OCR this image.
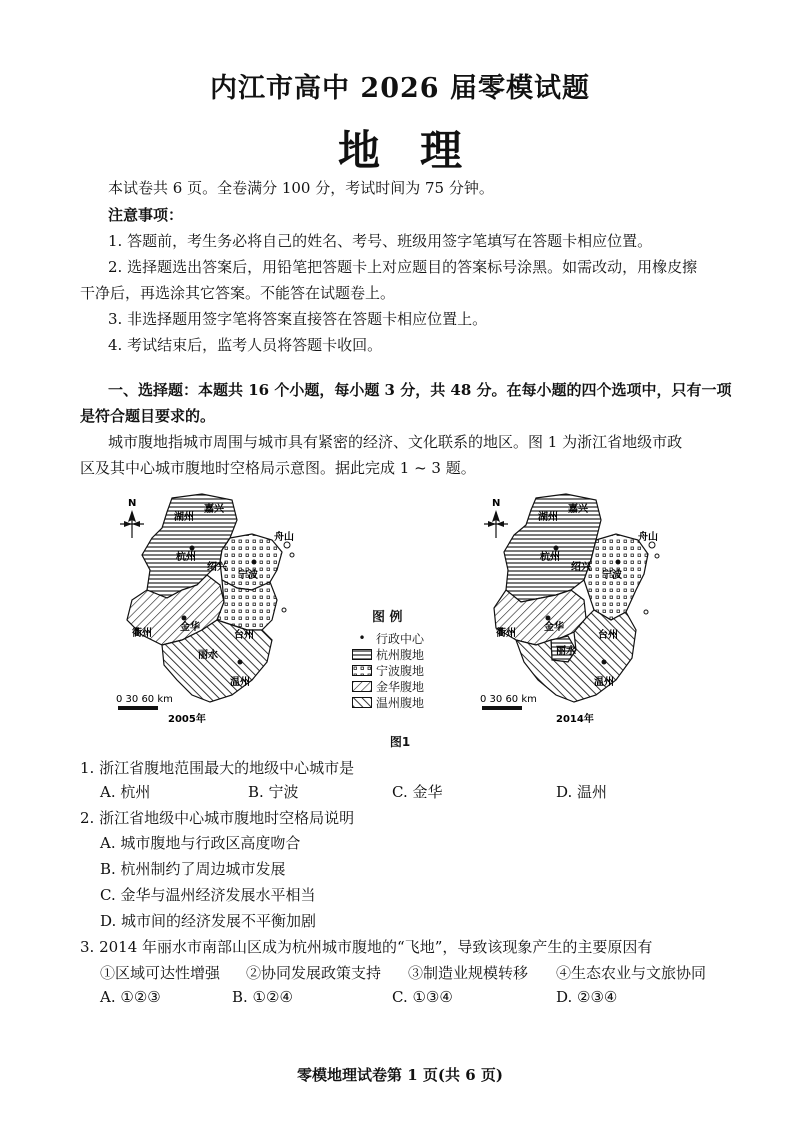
内江市高中 2026 届零模试题
地理
本试卷共 6 页。全卷满分 100 分，考试时间为 75 分钟。
注意事项：
1. 答题前，考生务必将自己的姓名、考号、班级用签字笔填写在答题卡相应位置。
2. 选择题选出答案后，用铅笔把答题卡上对应题目的答案标号涂黑。如需改动，用橡皮擦
干净后，再选涂其它答案。不能答在试题卷上。
3. 非选择题用签字笔将答案直接答在答题卡相应位置上。
4. 考试结束后，监考人员将答题卡收回。
一、选择题：本题共 16 个小题，每小题 3 分，共 48 分。在每小题的四个选项中，只有一项
是符合题目要求的。
城市腹地指城市周围与城市具有紧密的经济、文化联系的地区。图 1 为浙江省地级市政
区及其中心城市腹地时空格局示意图。据此完成 1 ~ 3 题。
N
湖州
嘉兴
杭州
绍兴
舟山
宁波
金华
衢州	台州
丽水
温州
0 30 60 km
2005年
图 例
• 行政中心
杭州腹地
宁波腹地
金华腹地
温州腹地
N
湖州
嘉兴
杭州
绍兴
舟山
宁波
金华
衢州	台州
丽水
温州
0 30 60 km
2014年
图1
1. 浙江省腹地范围最大的地级中心城市是
A. 杭州	B. 宁波	C. 金华	D. 温州
2. 浙江省地级中心城市腹地时空格局说明
A. 城市腹地与行政区高度吻合
B. 杭州制约了周边城市发展
C. 金华与温州经济发展水平相当
D. 城市间的经济发展不平衡加剧
3. 2014 年丽水市南部山区成为杭州城市腹地的“飞地”，导致该现象产生的主要原因有
①区域可达性增强 ②协同发展政策支持 ③制造业规模转移 ④生态农业与文旅协同
A. ①②③	B. ①②④	C. ①③④	D. ②③④
零模地理试卷第 1 页(共 6 页)
